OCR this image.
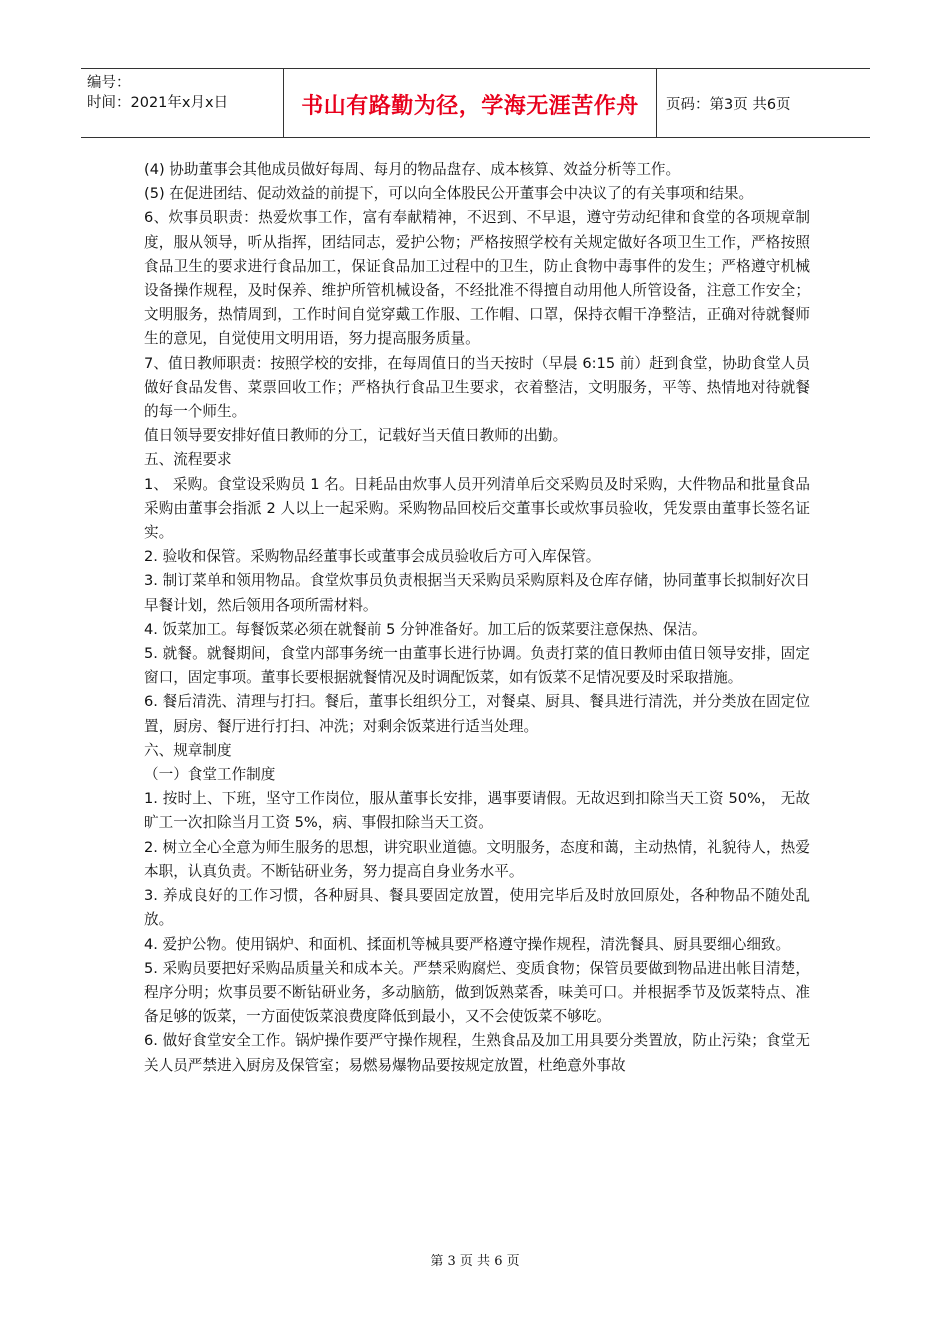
编号：
时间：2021年x月x日	书山有路勤为径，学海无涯苦作舟	页码：第3页 共6页

(4) 协助董事会其他成员做好每周、每月的物品盘存、成本核算、效益分析等工作。

(5) 在促进团结、促动效益的前提下，可以向全体股民公开董事会中决议了的有关事项和结果。

6、炊事员职责：热爱炊事工作，富有奉献精神，不迟到、不早退，遵守劳动纪律和食堂的各项规章制度，服从领导，听从指挥，团结同志，爱护公物；严格按照学校有关规定做好各项卫生工作，严格按照食品卫生的要求进行食品加工，保证食品加工过程中的卫生，防止食物中毒事件的发生；严格遵守机械设备操作规程，及时保养、维护所管机械设备，不经批准不得擅自动用他人所管设备，注意工作安全；文明服务，热情周到，工作时间自觉穿戴工作服、工作帽、口罩，保持衣帽干净整洁，正确对待就餐师生的意见，自觉使用文明用语，努力提高服务质量。

7、值日教师职责：按照学校的安排，在每周值日的当天按时（早晨 6:15 前）赶到食堂，协助食堂人员做好食品发售、菜票回收工作；严格执行食品卫生要求，衣着整洁，文明服务，平等、热情地对待就餐的每一个师生。

值日领导要安排好值日教师的分工，记载好当天值日教师的出勤。

五、流程要求

1、 采购。食堂设采购员 1 名。日耗品由炊事人员开列清单后交采购员及时采购，大件物品和批量食品采购由董事会指派 2 人以上一起采购。采购物品回校后交董事长或炊事员验收，凭发票由董事长签名证实。

2. 验收和保管。采购物品经董事长或董事会成员验收后方可入库保管。

3. 制订菜单和领用物品。食堂炊事员负责根据当天采购员采购原料及仓库存储，协同董事长拟制好次日早餐计划，然后领用各项所需材料。

4. 饭菜加工。每餐饭菜必须在就餐前 5 分钟准备好。加工后的饭菜要注意保热、保洁。

5. 就餐。就餐期间，食堂内部事务统一由董事长进行协调。负责打菜的值日教师由值日领导安排，固定窗口，固定事项。董事长要根据就餐情况及时调配饭菜，如有饭菜不足情况要及时采取措施。

6. 餐后清洗、清理与打扫。餐后，董事长组织分工，对餐桌、厨具、餐具进行清洗，并分类放在固定位置，厨房、餐厅进行打扫、冲洗；对剩余饭菜进行适当处理。

六、规章制度

（一）食堂工作制度

1. 按时上、下班，坚守工作岗位，服从董事长安排，遇事要请假。无故迟到扣除当天工资 50%， 无故旷工一次扣除当月工资 5%，病、事假扣除当天工资。

2. 树立全心全意为师生服务的思想，讲究职业道德。文明服务，态度和蔼，主动热情，礼貌待人，热爱本职，认真负责。不断钻研业务，努力提高自身业务水平。

3. 养成良好的工作习惯，各种厨具、餐具要固定放置，使用完毕后及时放回原处，各种物品不随处乱放。

4. 爱护公物。使用锅炉、和面机、揉面机等械具要严格遵守操作规程，清洗餐具、厨具要细心细致。

5. 采购员要把好采购品质量关和成本关。严禁采购腐烂、变质食物；保管员要做到物品进出帐目清楚，程序分明；炊事员要不断钻研业务，多动脑筋，做到饭熟菜香，味美可口。并根据季节及饭菜特点、准备足够的饭菜，一方面使饭菜浪费度降低到最小，又不会使饭菜不够吃。

6. 做好食堂安全工作。锅炉操作要严守操作规程，生熟食品及加工用具要分类置放，防止污染；食堂无关人员严禁进入厨房及保管室；易燃易爆物品要按规定放置，杜绝意外事故

第 3 页 共 6 页
